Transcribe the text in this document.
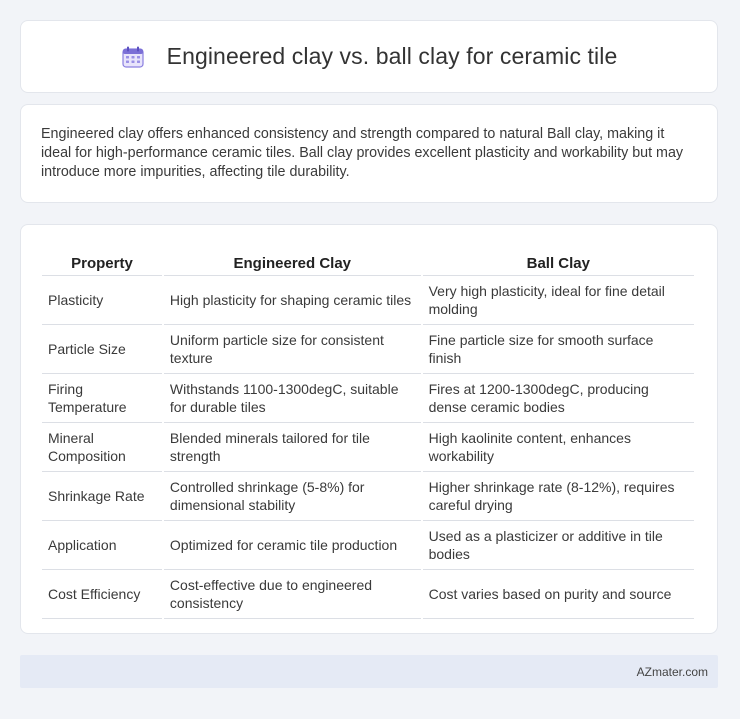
Engineered clay vs. ball clay for ceramic tile

Engineered clay offers enhanced consistency and strength compared to natural Ball clay, making it ideal for high-performance ceramic tiles. Ball clay provides excellent plasticity and workability but may introduce more impurities, affecting tile durability.

Property	Engineered Clay	Ball Clay
Plasticity	High plasticity for shaping ceramic tiles	Very high plasticity, ideal for fine detail molding
Particle Size	Uniform particle size for consistent texture	Fine particle size for smooth surface finish
Firing Temperature	Withstands 1100-1300degC, suitable for durable tiles	Fires at 1200-1300degC, producing dense ceramic bodies
Mineral Composition	Blended minerals tailored for tile strength	High kaolinite content, enhances workability
Shrinkage Rate	Controlled shrinkage (5-8%) for dimensional stability	Higher shrinkage rate (8-12%), requires careful drying
Application	Optimized for ceramic tile production	Used as a plasticizer or additive in tile bodies
Cost Efficiency	Cost-effective due to engineered consistency	Cost varies based on purity and source
AZmater.com
